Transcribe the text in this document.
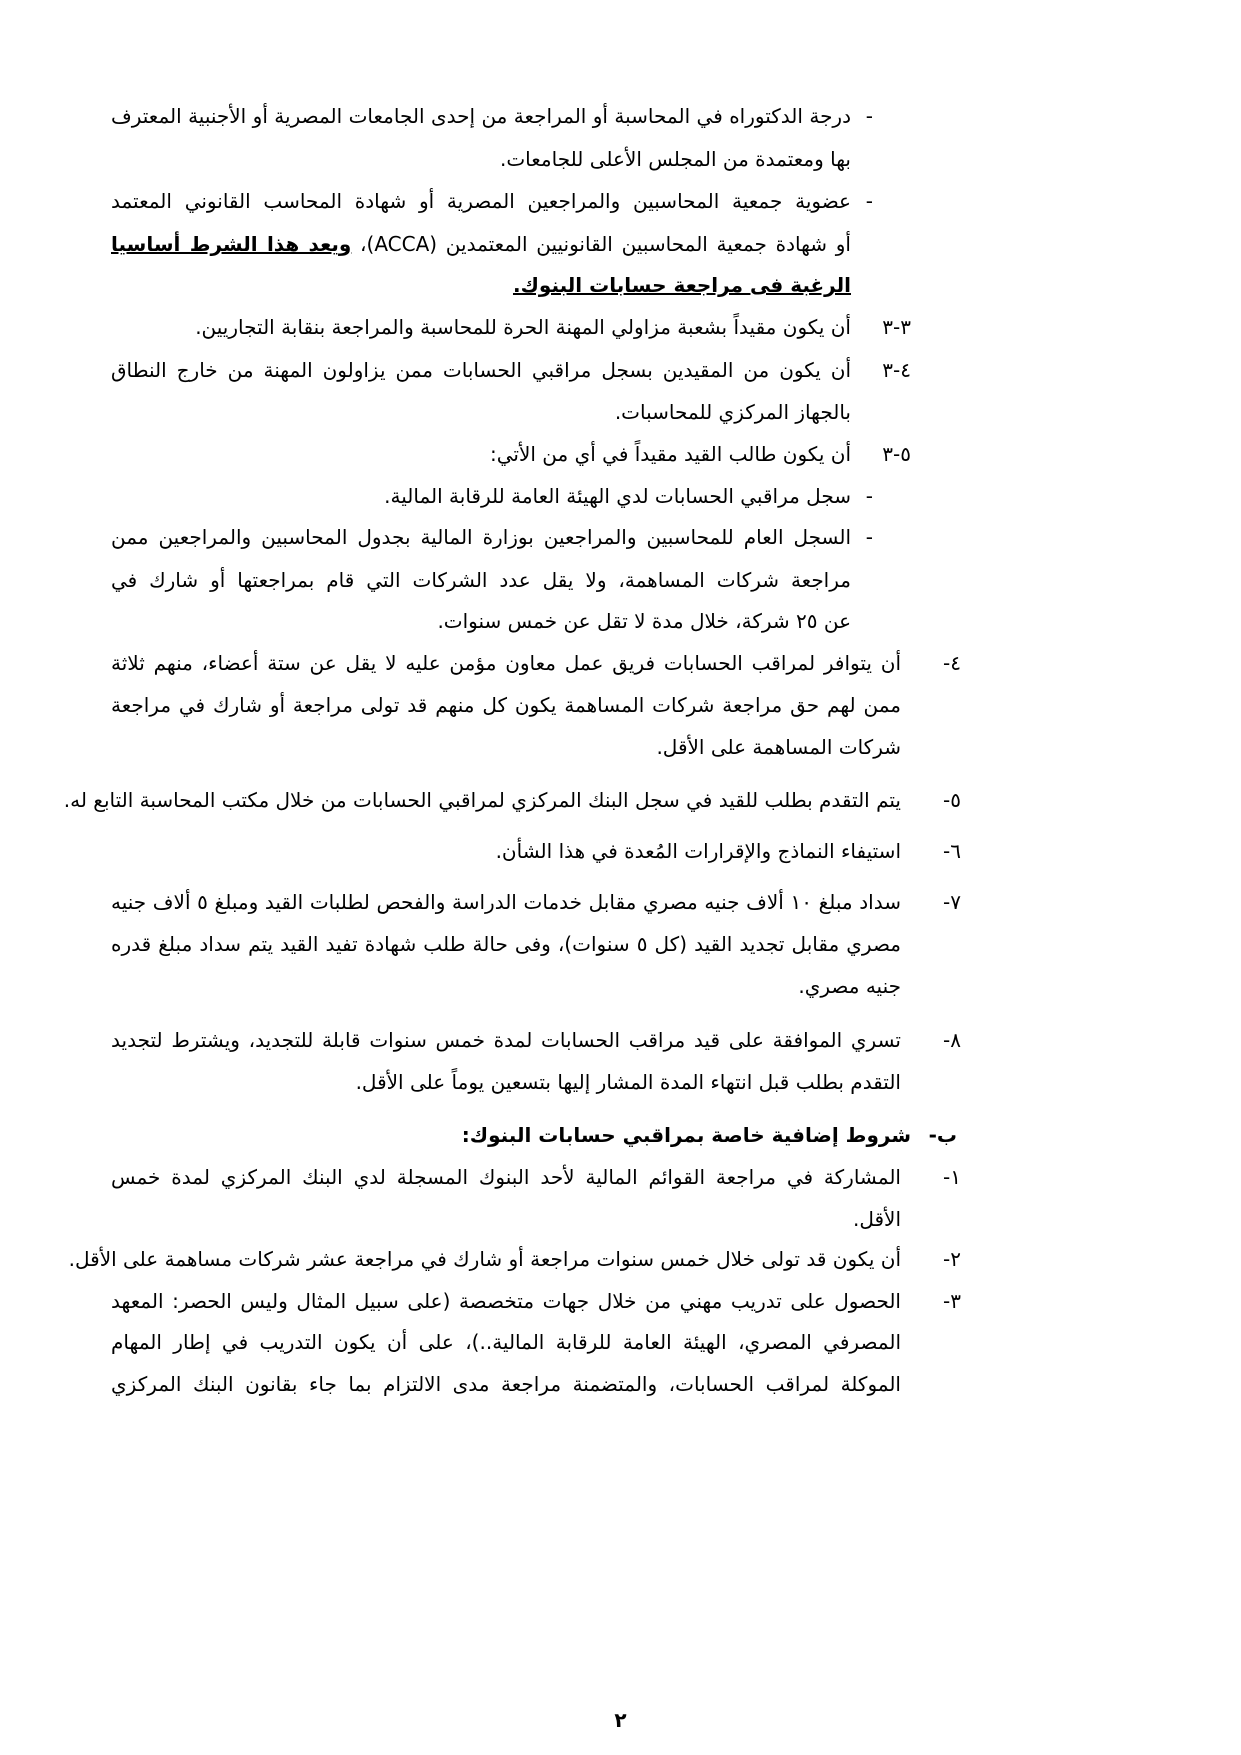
-
درجة الدكتوراه في المحاسبة أو المراجعة من إحدى الجامعات المصرية أو الأجنبية المعترف
بها ومعتمدة من المجلس الأعلى للجامعات.
-
عضوية جمعية المحاسبين والمراجعين المصرية أو شهادة المحاسب القانوني المعتمد
أو شهادة جمعية المحاسبين القانونيين المعتمدين (ACCA)، ويعد هذا الشرط أساسيا
الرغبة فى مراجعة حسابات البنوك.
٣-٣
أن يكون مقيداً بشعبة مزاولي المهنة الحرة للمحاسبة والمراجعة بنقابة التجاريين.
٤-٣
أن يكون من المقيدين بسجل مراقبي الحسابات ممن يزاولون المهنة من خارج النطاق
بالجهاز المركزي للمحاسبات.
٥-٣
أن يكون طالب القيد مقيداً في أي من الأتي:
-
سجل مراقبي الحسابات لدي الهيئة العامة للرقابة المالية.
-
السجل العام للمحاسبين والمراجعين بوزارة المالية بجدول المحاسبين والمراجعين ممن
مراجعة شركات المساهمة، ولا يقل عدد الشركات التي قام بمراجعتها أو شارك في
عن ٢٥ شركة، خلال مدة لا تقل عن خمس سنوات.
٤-
أن يتوافر لمراقب الحسابات فريق عمل معاون مؤمن عليه لا يقل عن ستة أعضاء، منهم ثلاثة
ممن لهم حق مراجعة شركات المساهمة يكون كل منهم قد تولى مراجعة أو شارك في مراجعة
شركات المساهمة على الأقل.
٥-
يتم التقدم بطلب للقيد في سجل البنك المركزي لمراقبي الحسابات من خلال مكتب المحاسبة التابع له.
٦-
استيفاء النماذج والإقرارات المُعدة في هذا الشأن.
٧-
سداد مبلغ ١٠ ألاف جنيه مصري مقابل خدمات الدراسة والفحص لطلبات القيد ومبلغ ٥ ألاف جنيه
مصري مقابل تجديد القيد (كل ٥ سنوات)، وفى حالة طلب شهادة تفيد القيد يتم سداد مبلغ قدره
جنيه مصري.
٨-
تسري الموافقة على قيد مراقب الحسابات لمدة خمس سنوات قابلة للتجديد، ويشترط لتجديد
التقدم بطلب قبل انتهاء المدة المشار إليها بتسعين يوماً على الأقل.
ب-
شروط إضافية خاصة بمراقبي حسابات البنوك:
١-
المشاركة في مراجعة القوائم المالية لأحد البنوك المسجلة لدي البنك المركزي لمدة خمس
الأقل.
٢-
أن يكون قد تولى خلال خمس سنوات مراجعة أو شارك في مراجعة عشر شركات مساهمة على الأقل.
٣-
الحصول على تدريب مهني من خلال جهات متخصصة (على سبيل المثال وليس الحصر: المعهد
المصرفي المصري، الهيئة العامة للرقابة المالية..)، على أن يكون التدريب في إطار المهام
الموكلة لمراقب الحسابات، والمتضمنة مراجعة مدى الالتزام بما جاء بقانون البنك المركزي
٢
